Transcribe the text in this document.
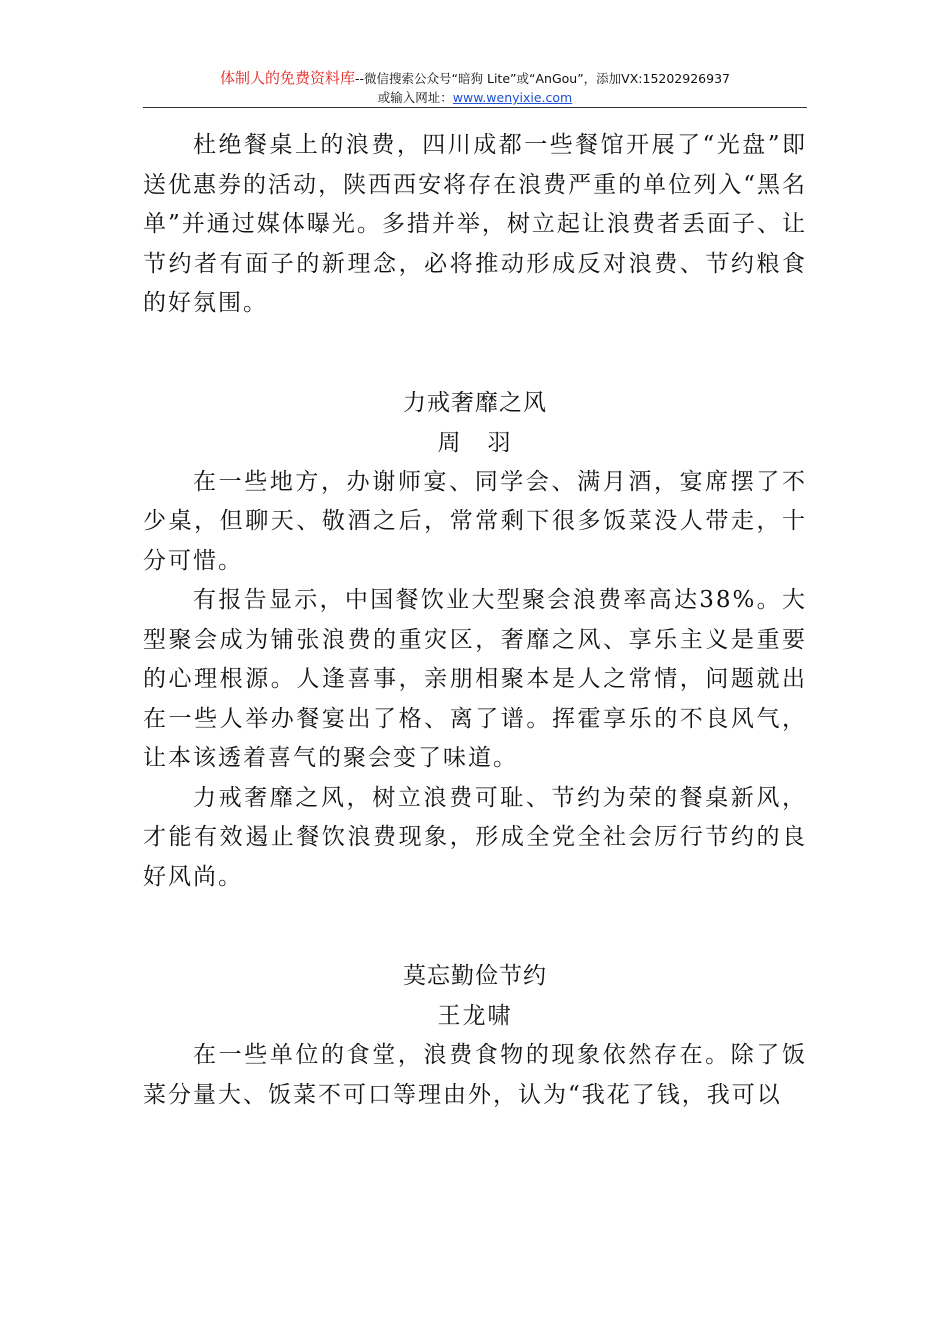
体制人的免费资料库--微信搜索公众号“暗狗 Lite”或“AnGou”，添加VX:15202926937
或输入网址：www.wenyixie.com

杜绝餐桌上的浪费，四川成都一些餐馆开展了“光盘”即送优惠券的活动，陕西西安将存在浪费严重的单位列入“黑名单”并通过媒体曝光。多措并举，树立起让浪费者丢面子、让节约者有面子的新理念，必将推动形成反对浪费、节约粮食的好氛围。

力戒奢靡之风

周　羽

在一些地方，办谢师宴、同学会、满月酒，宴席摆了不少桌，但聊天、敬酒之后，常常剩下很多饭菜没人带走，十分可惜。

有报告显示，中国餐饮业大型聚会浪费率高达38%。大型聚会成为铺张浪费的重灾区，奢靡之风、享乐主义是重要的心理根源。人逢喜事，亲朋相聚本是人之常情，问题就出在一些人举办餐宴出了格、离了谱。挥霍享乐的不良风气，让本该透着喜气的聚会变了味道。

力戒奢靡之风，树立浪费可耻、节约为荣的餐桌新风，才能有效遏止餐饮浪费现象，形成全党全社会厉行节约的良好风尚。

莫忘勤俭节约

王龙啸

在一些单位的食堂，浪费食物的现象依然存在。除了饭菜分量大、饭菜不可口等理由外，认为“我花了钱，我可以
